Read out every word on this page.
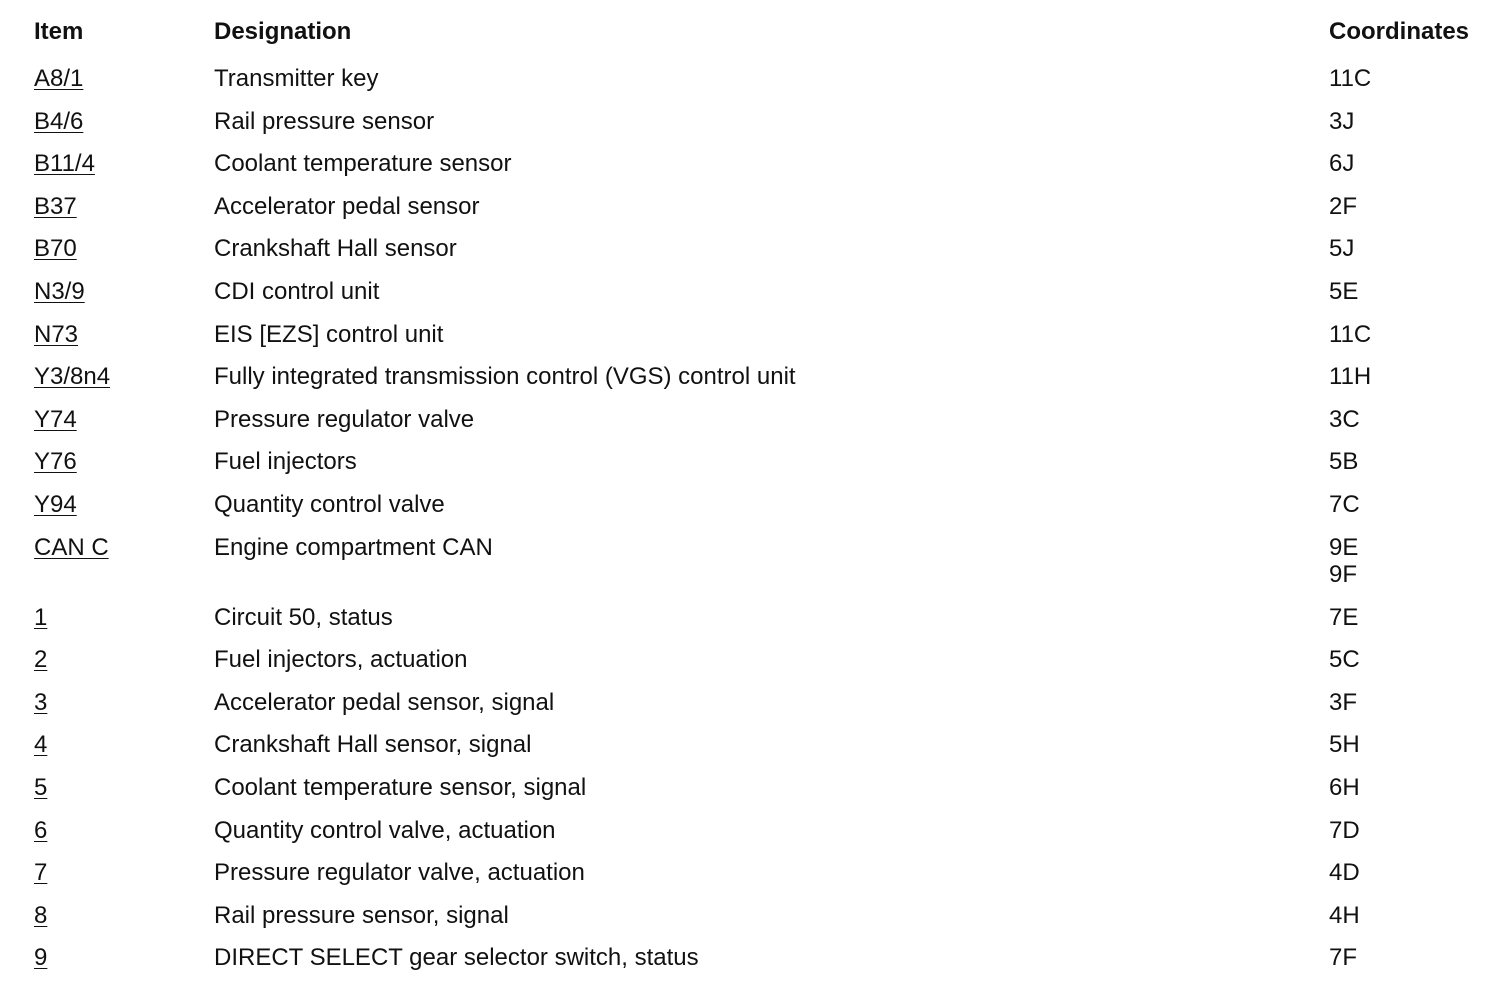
Item	Designation	Coordinates
A8/1	Transmitter key	11C
B4/6	Rail pressure sensor	3J
B11/4	Coolant temperature sensor	6J
B37	Accelerator pedal sensor	2F
B70	Crankshaft Hall sensor	5J
N3/9	CDI control unit	5E
N73	EIS [EZS] control unit	11C
Y3/8n4	Fully integrated transmission control (VGS) control unit	11H
Y74	Pressure regulator valve	3C
Y76	Fuel injectors	5B
Y94	Quantity control valve	7C
CAN C	Engine compartment CAN	9E
9F
1	Circuit 50, status	7E
2	Fuel injectors, actuation	5C
3	Accelerator pedal sensor, signal	3F
4	Crankshaft Hall sensor, signal	5H
5	Coolant temperature sensor, signal	6H
6	Quantity control valve, actuation	7D
7	Pressure regulator valve, actuation	4D
8	Rail pressure sensor, signal	4H
9	DIRECT SELECT gear selector switch, status	7F
